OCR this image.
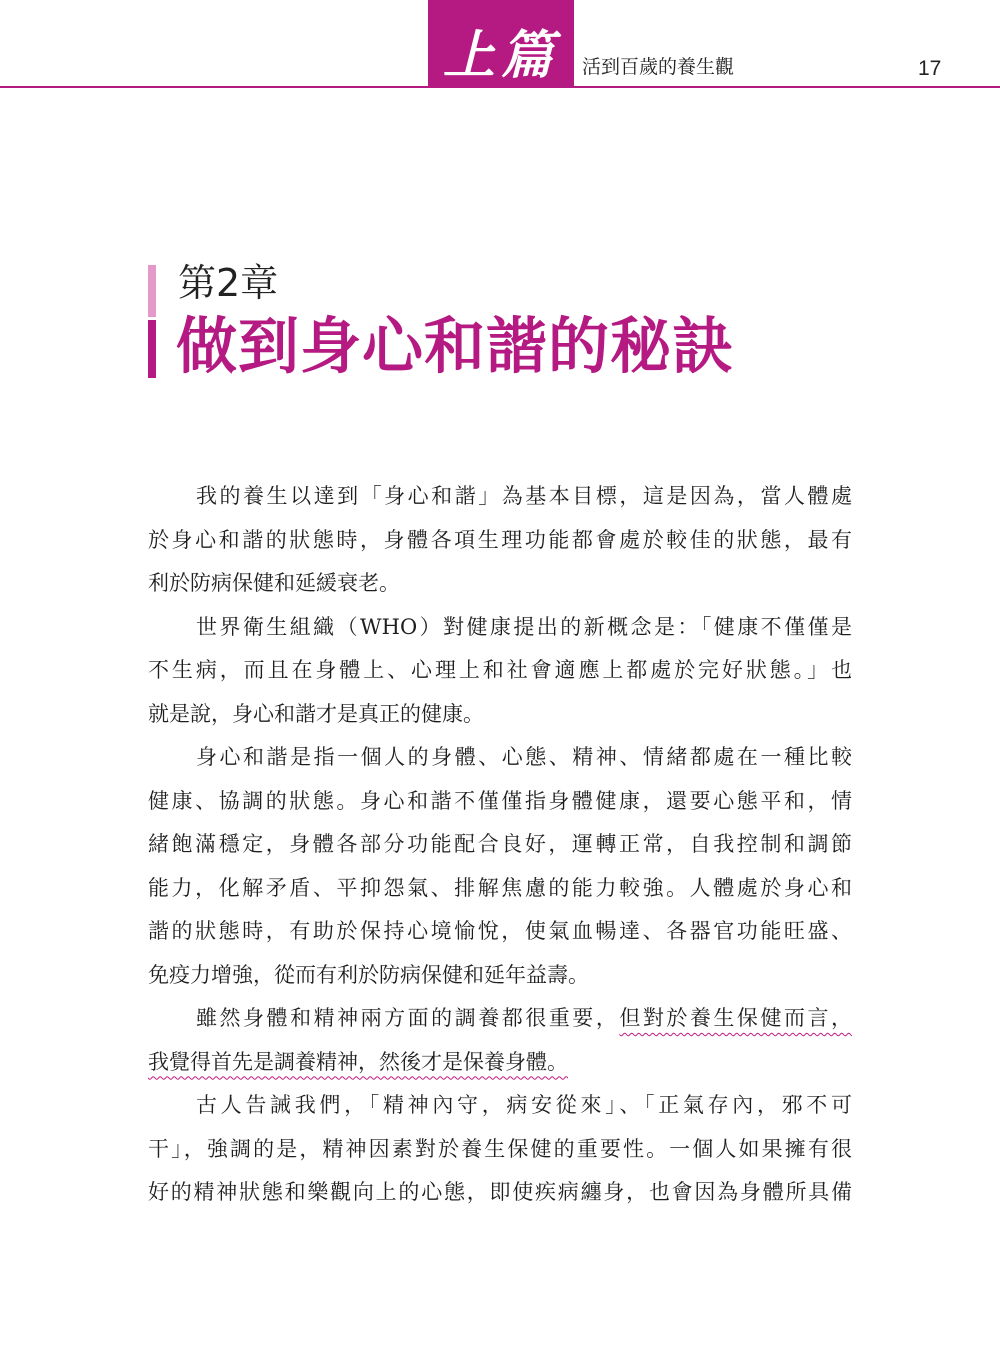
上篇 活到百歲的養生觀	17
第2章
做到身心和諧的秘訣
我的養生以達到「身心和諧」為基本目標，這是因為，當人體處
於身心和諧的狀態時，身體各項生理功能都會處於較佳的狀態，最有
利於防病保健和延緩衰老。
世界衛生組織（WHO）對健康提出的新概念是：「健康不僅僅是
不生病，而且在身體上、心理上和社會適應上都處於完好狀態。」也
就是說，身心和諧才是真正的健康。
身心和諧是指一個人的身體、心態、精神、情緒都處在一種比較
健康、協調的狀態。身心和諧不僅僅指身體健康，還要心態平和，情
緒飽滿穩定，身體各部分功能配合良好，運轉正常，自我控制和調節
能力，化解矛盾、平抑怨氣、排解焦慮的能力較強。人體處於身心和
諧的狀態時，有助於保持心境愉悅，使氣血暢達、各器官功能旺盛、
免疫力增強，從而有利於防病保健和延年益壽。
雖然身體和精神兩方面的調養都很重要，但對於養生保健而言，
我覺得首先是調養精神，然後才是保養身體。
古人告誡我們，「精神內守，病安從來」、「正氣存內，邪不可
干」，強調的是，精神因素對於養生保健的重要性。一個人如果擁有很
好的精神狀態和樂觀向上的心態，即使疾病纏身，也會因為身體所具備
